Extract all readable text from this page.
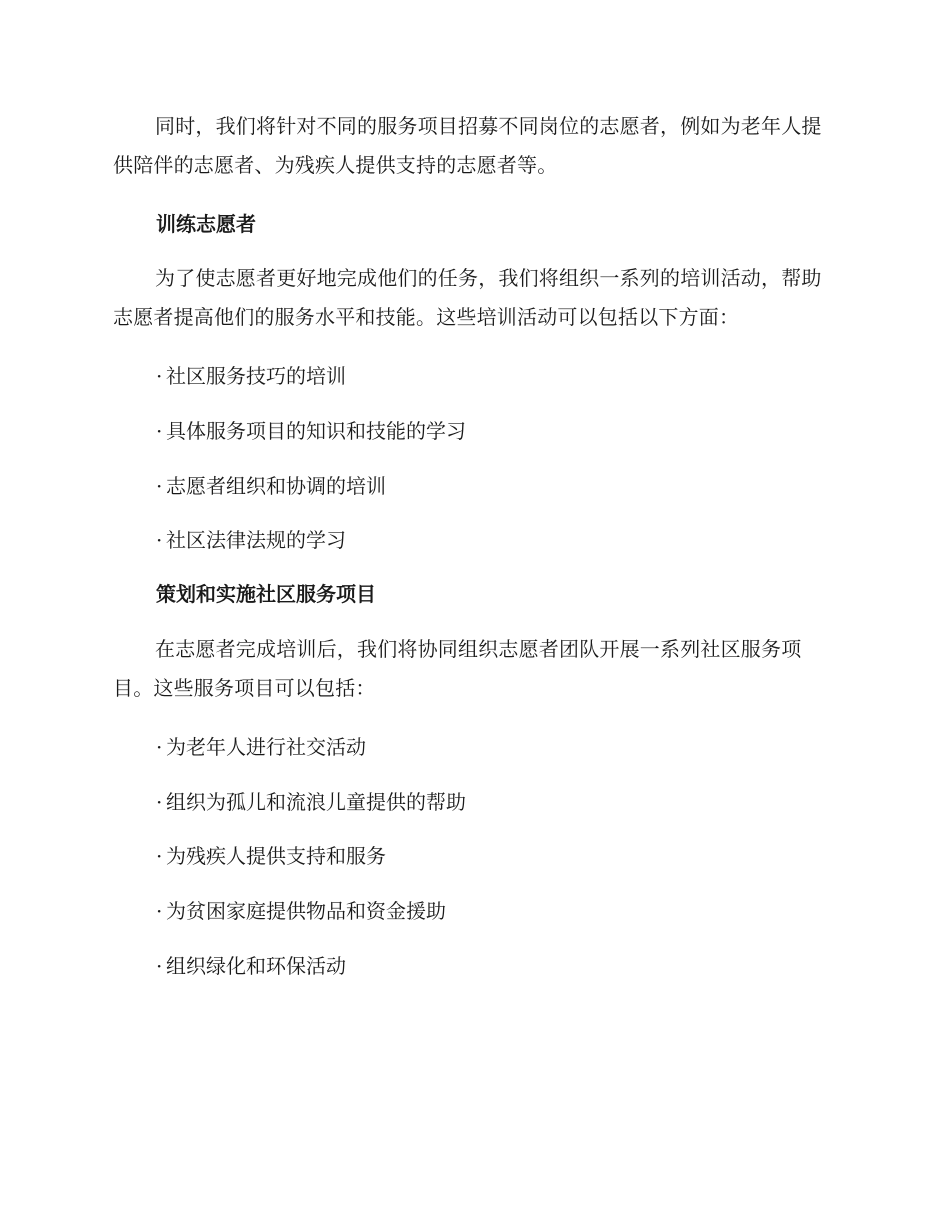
同时，我们将针对不同的服务项目招募不同岗位的志愿者，例如为老年人提供陪伴的志愿者、为残疾人提供支持的志愿者等。

训练志愿者

为了使志愿者更好地完成他们的任务，我们将组织一系列的培训活动，帮助志愿者提高他们的服务水平和技能。这些培训活动可以包括以下方面：

· 社区服务技巧的培训

· 具体服务项目的知识和技能的学习

· 志愿者组织和协调的培训

· 社区法律法规的学习

策划和实施社区服务项目

在志愿者完成培训后，我们将协同组织志愿者团队开展一系列社区服务项目。这些服务项目可以包括：

· 为老年人进行社交活动

· 组织为孤儿和流浪儿童提供的帮助

· 为残疾人提供支持和服务

· 为贫困家庭提供物品和资金援助

· 组织绿化和环保活动
